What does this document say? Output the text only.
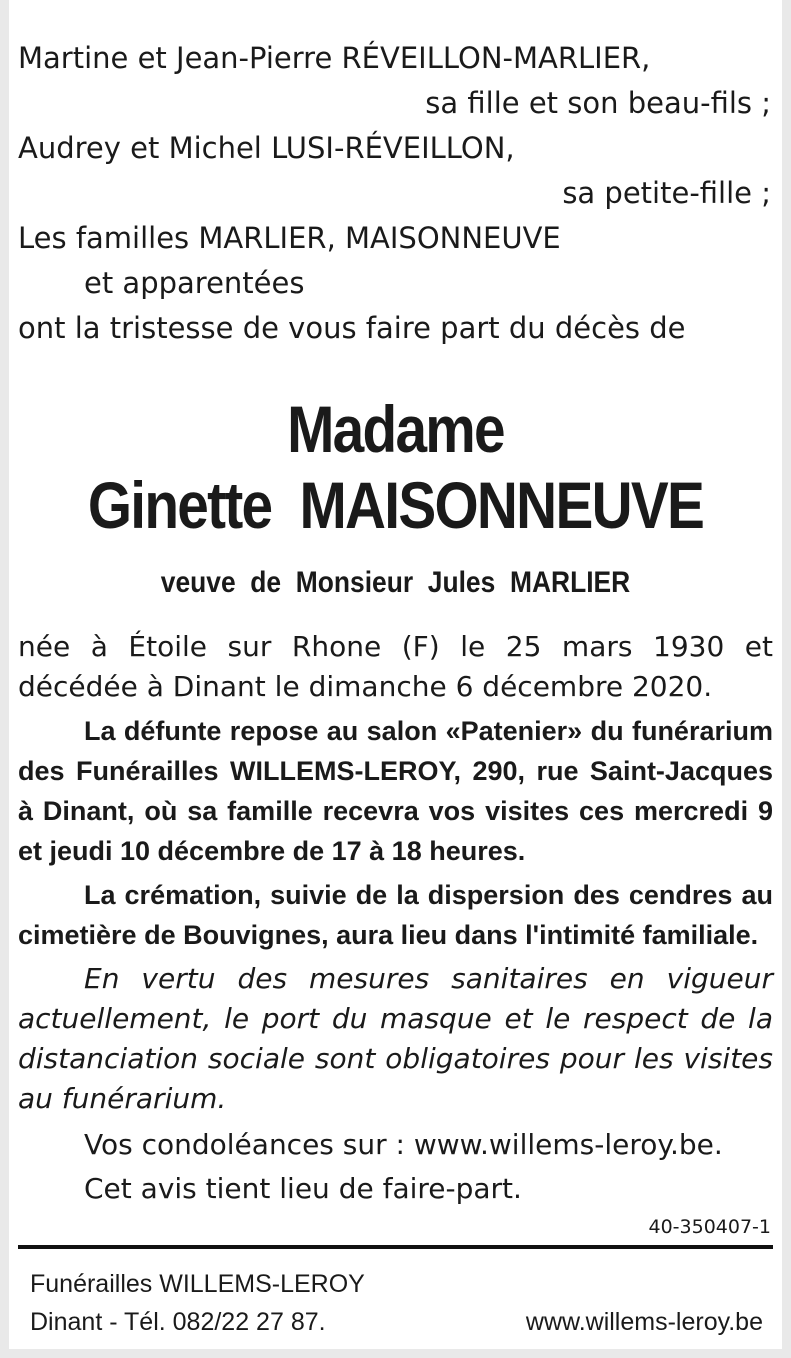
Martine et Jean-Pierre RÉVEILLON-MARLIER,
sa fille et son beau-fils ;
Audrey et Michel LUSI-RÉVEILLON,
sa petite-fille ;
Les familles MARLIER, MAISONNEUVE
et apparentées
ont la tristesse de vous faire part du décès de
Madame
Ginette  MAISONNEUVE
veuve  de  Monsieur  Jules  MARLIER
née à Étoile sur Rhone (F) le 25 mars 1930 et décédée à Dinant le dimanche 6 décembre 2020.
La défunte repose au salon «Patenier» du funérarium des Funérailles WILLEMS-LEROY, 290, rue Saint-Jacques à Dinant, où sa famille recevra vos visites ces mercredi 9 et jeudi 10 décembre de 17 à 18 heures.
La crémation, suivie de la dispersion des cendres au cimetière de Bouvignes, aura lieu dans l'intimité familiale.
En vertu des mesures sanitaires en vigueur actuellement, le port du masque et le respect de la distanciation sociale sont obligatoires pour les visites au funérarium.
Vos condoléances sur : www.willems-leroy.be.
Cet avis tient lieu de faire-part.
40-350407-1
Funérailles WILLEMS-LEROY
Dinant - Tél. 082/22 27 87.	www.willems-leroy.be
